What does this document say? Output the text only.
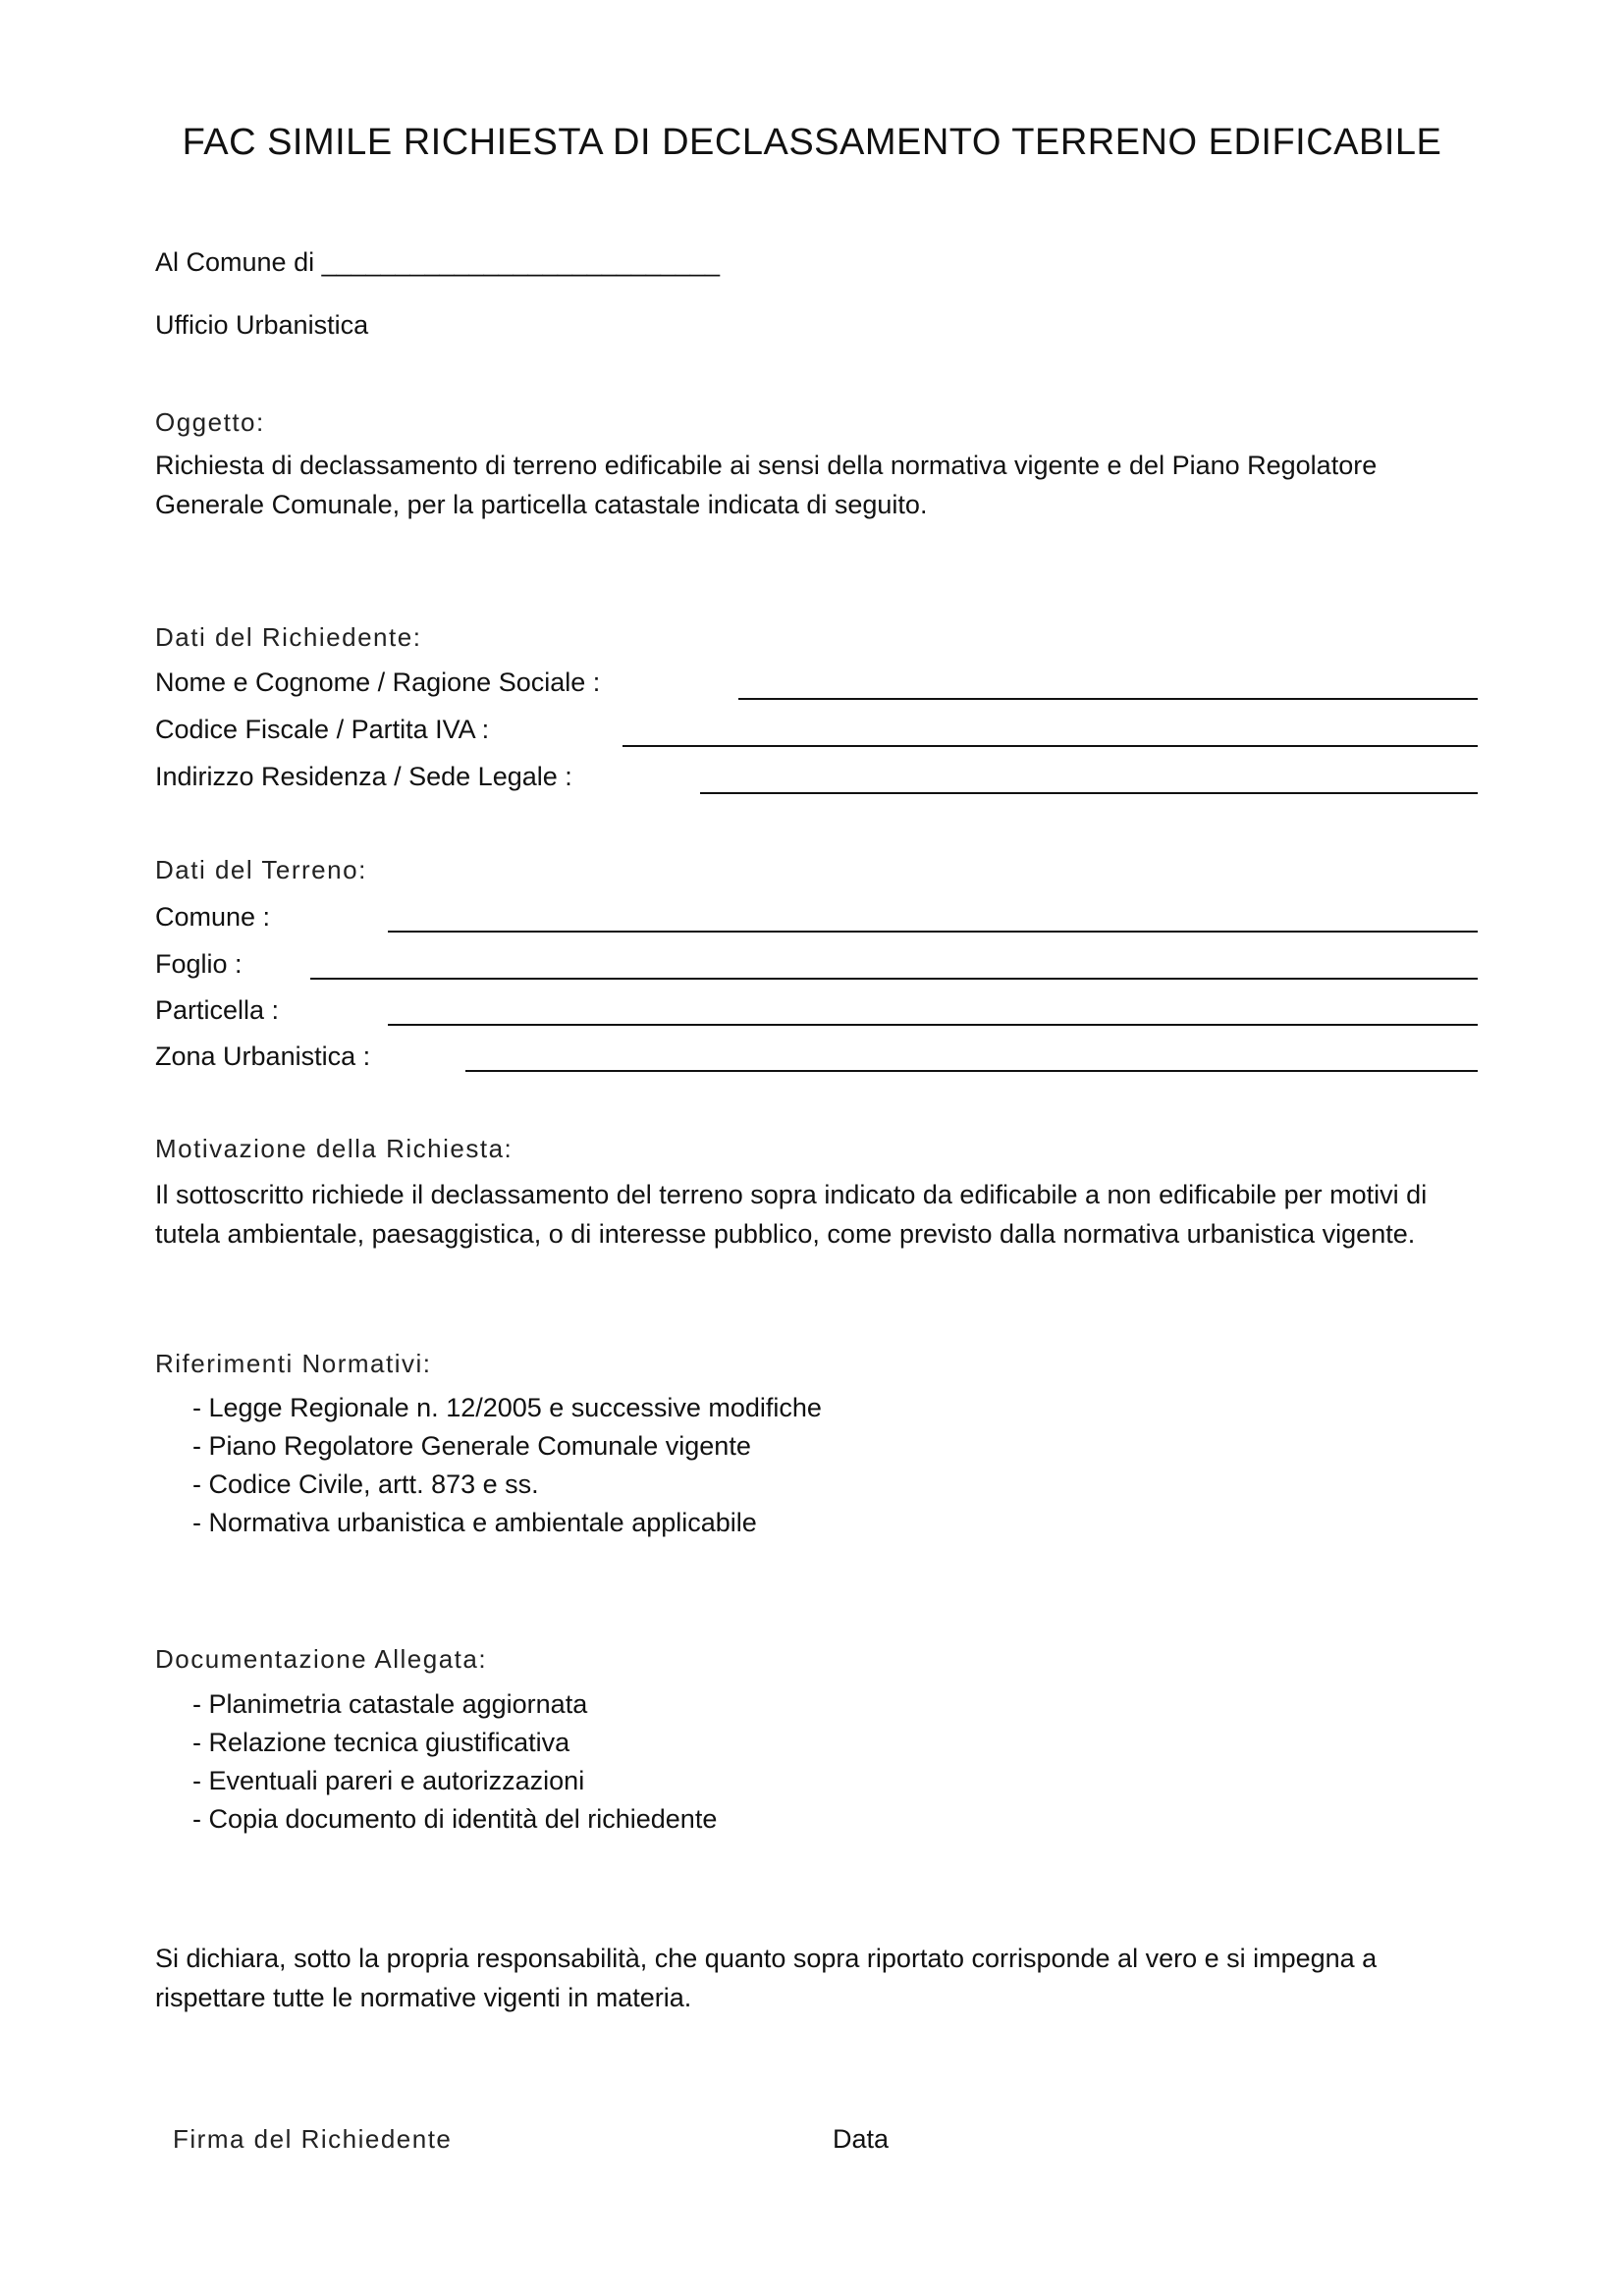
FAC SIMILE RICHIESTA DI DECLASSAMENTO TERRENO EDIFICABILE
Al Comune di ___________________________
Ufficio Urbanistica
Oggetto:
Richiesta di declassamento di terreno edificabile ai sensi della normativa vigente e del Piano Regolatore
Generale Comunale, per la particella catastale indicata di seguito.
Dati del Richiedente:
Nome e Cognome / Ragione Sociale :
Codice Fiscale / Partita IVA :
Indirizzo Residenza / Sede Legale :
Dati del Terreno:
Comune :
Foglio :
Particella :
Zona Urbanistica :
Motivazione della Richiesta:
Il sottoscritto richiede il declassamento del terreno sopra indicato da edificabile a non edificabile per motivi di
tutela ambientale, paesaggistica, o di interesse pubblico, come previsto dalla normativa urbanistica vigente.
Riferimenti Normativi:
- Legge Regionale n. 12/2005 e successive modifiche
- Piano Regolatore Generale Comunale vigente
- Codice Civile, artt. 873 e ss.
- Normativa urbanistica e ambientale applicabile
Documentazione Allegata:
- Planimetria catastale aggiornata
- Relazione tecnica giustificativa
- Eventuali pareri e autorizzazioni
- Copia documento di identità del richiedente
Si dichiara, sotto la propria responsabilità, che quanto sopra riportato corrisponde al vero e si impegna a
rispettare tutte le normative vigenti in materia.
Firma del Richiedente	Data
